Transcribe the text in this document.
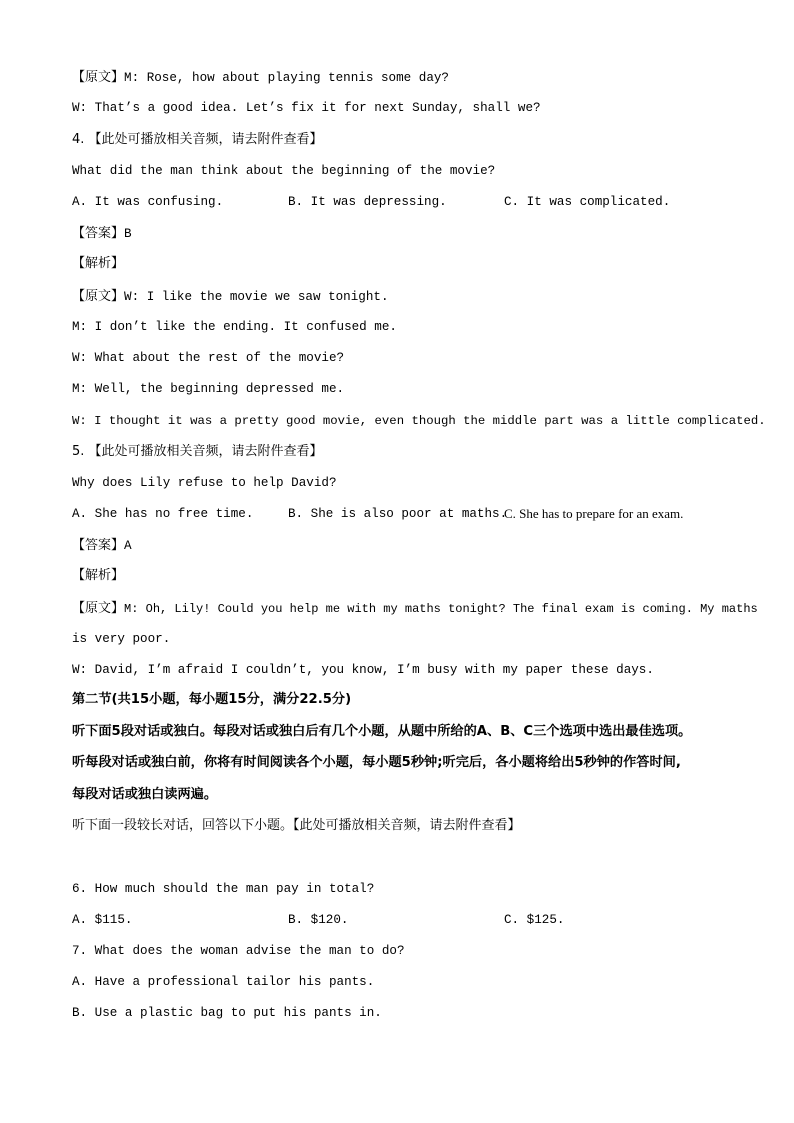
【原文】M: Rose, how about playing tennis some day?
W: That’s a good idea. Let’s fix it for next Sunday, shall we?
4. 【此处可播放相关音频，请去附件查看】
What did the man think about the beginning of the movie?
A. It was confusing.	B. It was depressing.	C. It was complicated.
【答案】B
【解析】
【原文】W: I like the movie we saw tonight.
M: I don’t like the ending. It confused me.
W: What about the rest of the movie?
M: Well, the beginning depressed me.
W: I thought it was a pretty good movie, even though the middle part was a little complicated.
5. 【此处可播放相关音频，请去附件查看】
Why does Lily refuse to help David?
A. She has no free time.	B. She is also poor at maths.
C. She has to prepare for an exam.
【答案】A
【解析】
【原文】M: Oh, Lily! Could you help me with my maths tonight? The final exam is coming. My maths
is very poor.
W: David, I’m afraid I couldn’t, you know, I’m busy with my paper these days.
第二节(共15小题，每小题15分，满分22.5分)
听下面5段对话或独白。每段对话或独白后有几个小题，从题中所给的A、B、C三个选项中选出最佳选项。
听每段对话或独白前，你将有时间阅读各个小题，每小题5秒钟;听完后，各小题将给出5秒钟的作答时间,
每段对话或独白读两遍。
听下面一段较长对话，回答以下小题。【此处可播放相关音频，请去附件查看】
6. How much should the man pay in total?
A. $115.	B. $120.	C. $125.
7. What does the woman advise the man to do?
A. Have a professional tailor his pants.
B. Use a plastic bag to put his pants in.
